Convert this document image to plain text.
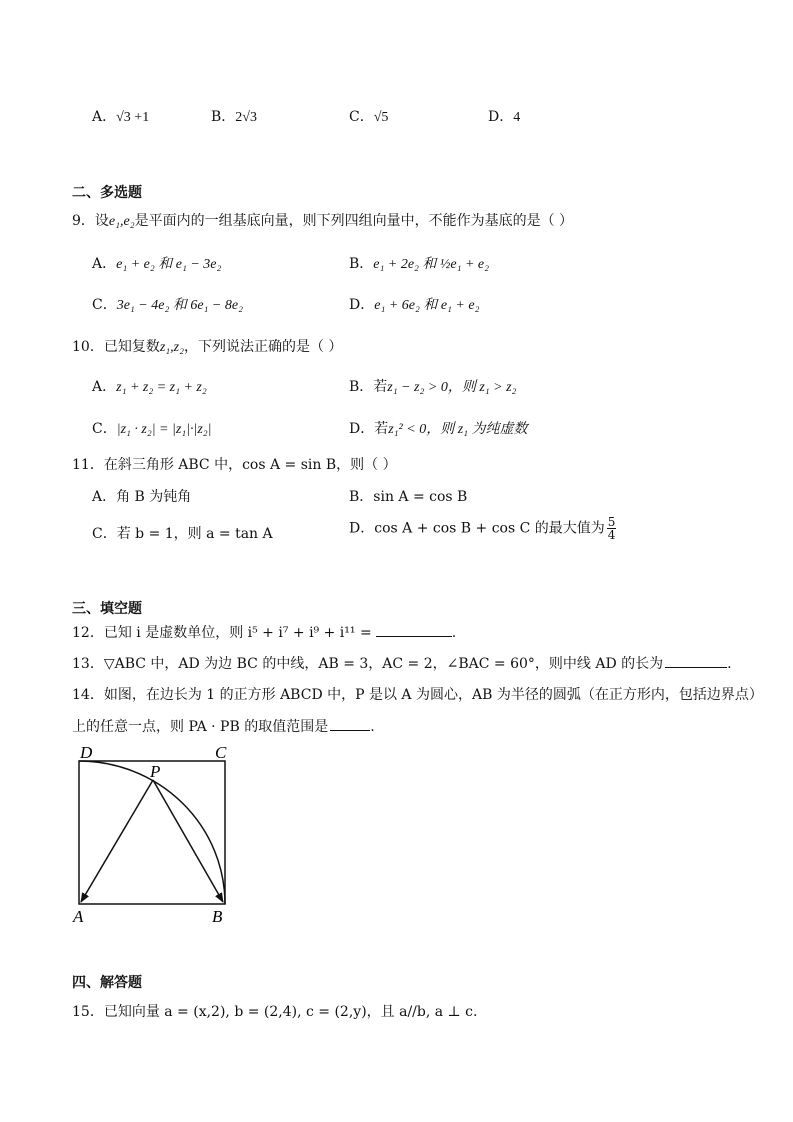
A．√3 +1	B．2√3	C．√5	D．4
二、多选题
9．设e₁,e₂是平面内的一组基底向量，则下列四组向量中，不能作为基底的是（ ）
A．e₁ + e₂ 和 e₁ − 3e₂	B．e₁ + 2e₂ 和 ½e₁ + e₂
C．3e₁ − 4e₂ 和 6e₁ − 8e₂	D．e₁ + 6e₂ 和 e₁ + e₂
10．已知复数z₁,z₂，下列说法正确的是（ ）
A．z₁ + z₂ = z₁ + z₂	B．若z₁ − z₂ > 0，则 z₁ > z₂
C．|z₁ · z₂| = |z₁|·|z₂|	D．若z₁² < 0，则 z₁ 为纯虚数
11．在斜三角形 ABC 中，cos A = sin B，则（ ）
A．角 B 为钝角	B．sin A = cos B
C．若 b = 1，则 a = tan A	D．cos A + cos B + cos C 的最大值为 $\frac{5}{4}$
三、填空题
12．已知 i 是虚数单位，则 i⁵ + i⁷ + i⁹ + i¹¹ =	.
13．▽ABC 中，AD 为边 BC 的中线，AB = 3，AC = 2，∠BAC = 60°，则中线 AD 的长为	.
14．如图，在边长为 1 的正方形 ABCD 中，P 是以 A 为圆心，AB 为半径的圆弧（在正方形内，包括边界点）
上的任意一点，则 PA · PB 的取值范围是	.
D	C
P
A	B
四、解答题
15．已知向量 a = (x,2), b = (2,4), c = (2,y)，且 a//b, a ⊥ c.
